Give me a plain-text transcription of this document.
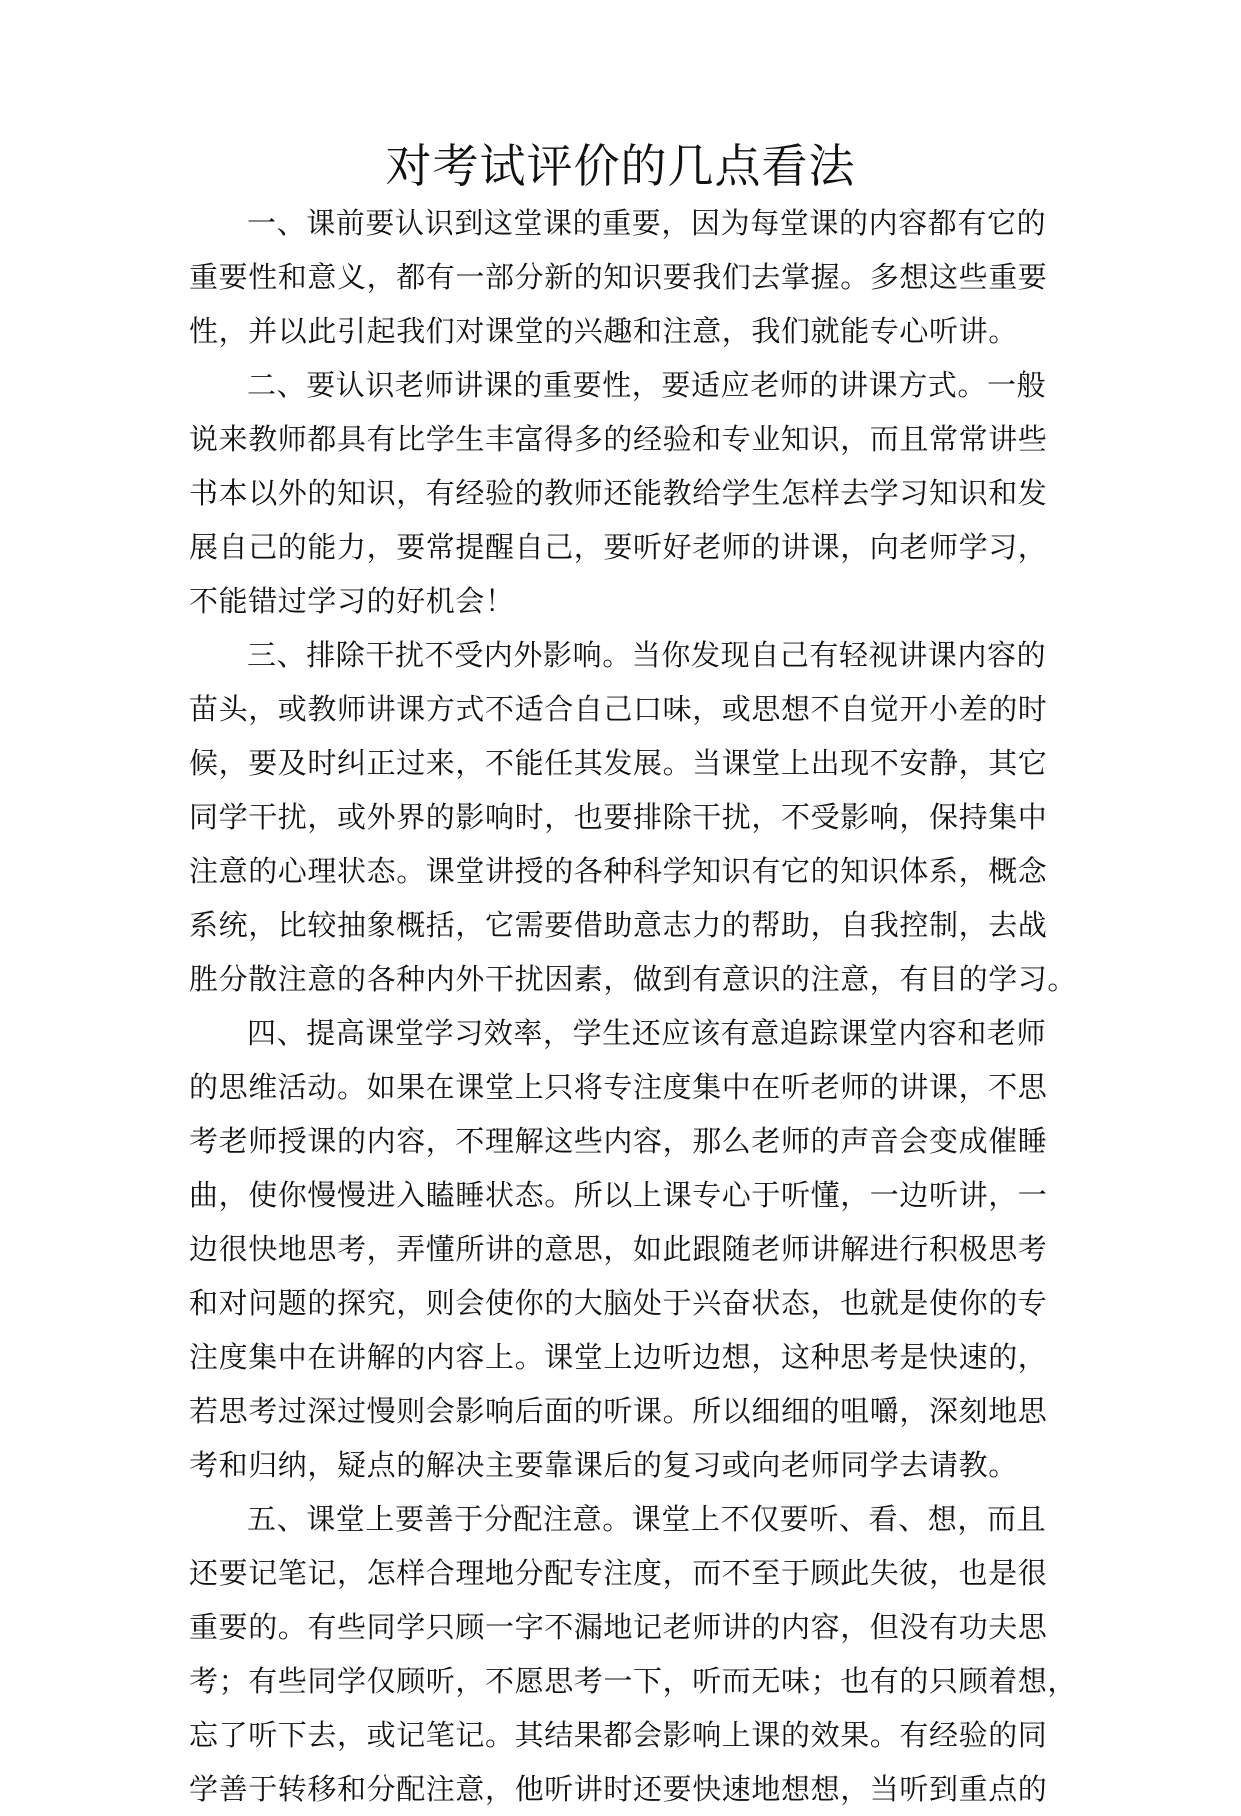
对考试评价的几点看法
一、课前要认识到这堂课的重要，因为每堂课的内容都有它的
重要性和意义，都有一部分新的知识要我们去掌握。多想这些重要
性，并以此引起我们对课堂的兴趣和注意，我们就能专心听讲。
二、要认识老师讲课的重要性，要适应老师的讲课方式。一般
说来教师都具有比学生丰富得多的经验和专业知识，而且常常讲些
书本以外的知识，有经验的教师还能教给学生怎样去学习知识和发
展自己的能力，要常提醒自己，要听好老师的讲课，向老师学习，
不能错过学习的好机会！
三、排除干扰不受内外影响。当你发现自己有轻视讲课内容的
苗头，或教师讲课方式不适合自己口味，或思想不自觉开小差的时
候，要及时纠正过来，不能任其发展。当课堂上出现不安静，其它
同学干扰，或外界的影响时，也要排除干扰，不受影响，保持集中
注意的心理状态。课堂讲授的各种科学知识有它的知识体系，概念
系统，比较抽象概括，它需要借助意志力的帮助，自我控制，去战
胜分散注意的各种内外干扰因素，做到有意识的注意，有目的学习。
四、提高课堂学习效率，学生还应该有意追踪课堂内容和老师
的思维活动。如果在课堂上只将专注度集中在听老师的讲课，不思
考老师授课的内容，不理解这些内容，那么老师的声音会变成催睡
曲，使你慢慢进入瞌睡状态。所以上课专心于听懂，一边听讲，一
边很快地思考，弄懂所讲的意思，如此跟随老师讲解进行积极思考
和对问题的探究，则会使你的大脑处于兴奋状态，也就是使你的专
注度集中在讲解的内容上。课堂上边听边想，这种思考是快速的，
若思考过深过慢则会影响后面的听课。所以细细的咀嚼，深刻地思
考和归纳，疑点的解决主要靠课后的复习或向老师同学去请教。
五、课堂上要善于分配注意。课堂上不仅要听、看、想，而且
还要记笔记，怎样合理地分配专注度，而不至于顾此失彼，也是很
重要的。有些同学只顾一字不漏地记老师讲的内容，但没有功夫思
考；有些同学仅顾听，不愿思考一下，听而无味；也有的只顾着想，
忘了听下去，或记笔记。其结果都会影响上课的效果。有经验的同
学善于转移和分配注意，他听讲时还要快速地想想，当听到重点的
